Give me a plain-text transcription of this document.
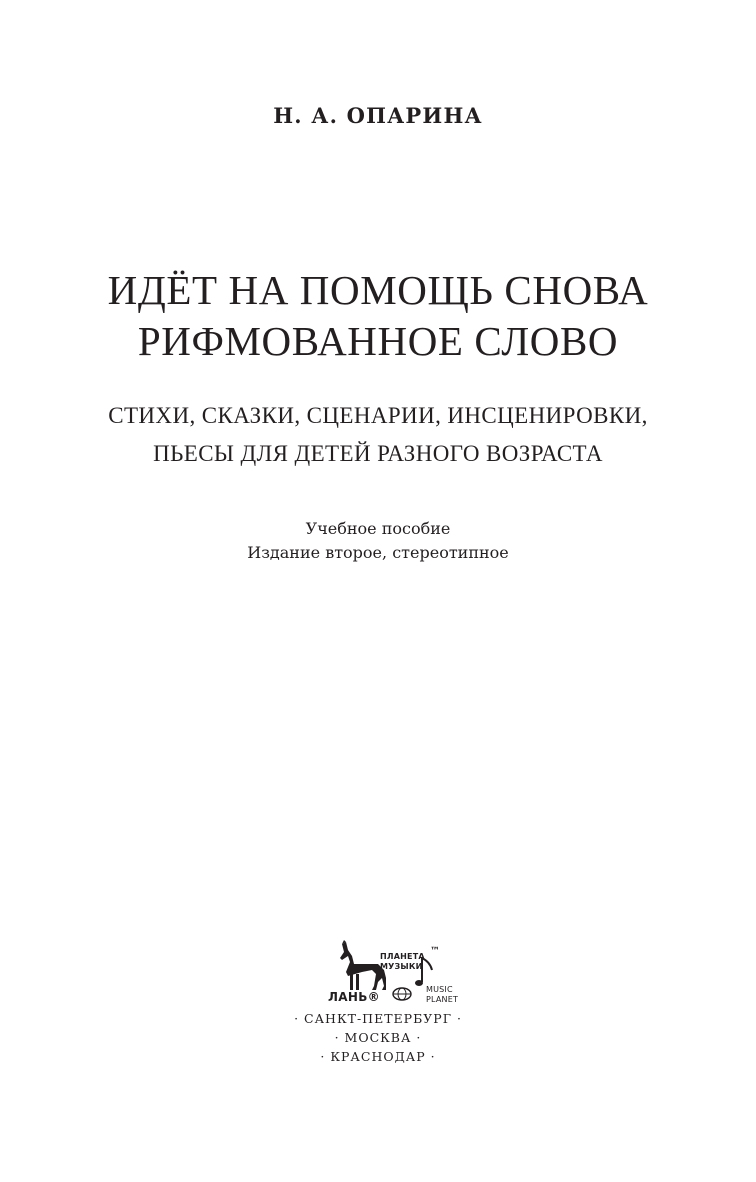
Н. А. ОПАРИНА
ИДЁТ НА ПОМОЩЬ СНОВА
РИФМОВАННОЕ СЛОВО
СТИХИ, СКАЗКИ, СЦЕНАРИИ, ИНСЦЕНИРОВКИ,
ПЬЕСЫ ДЛЯ ДЕТЕЙ РАЗНОГО ВОЗРАСТА
Учебное пособие
Издание второе, стереотипное
ПЛАНЕТА
МУЗЫКИ
™
MUSIC
PLANET
ЛАНЬ®
· САНКТ-ПЕТЕРБУРГ ·
· МОСКВА ·
· КРАСНОДАР ·
